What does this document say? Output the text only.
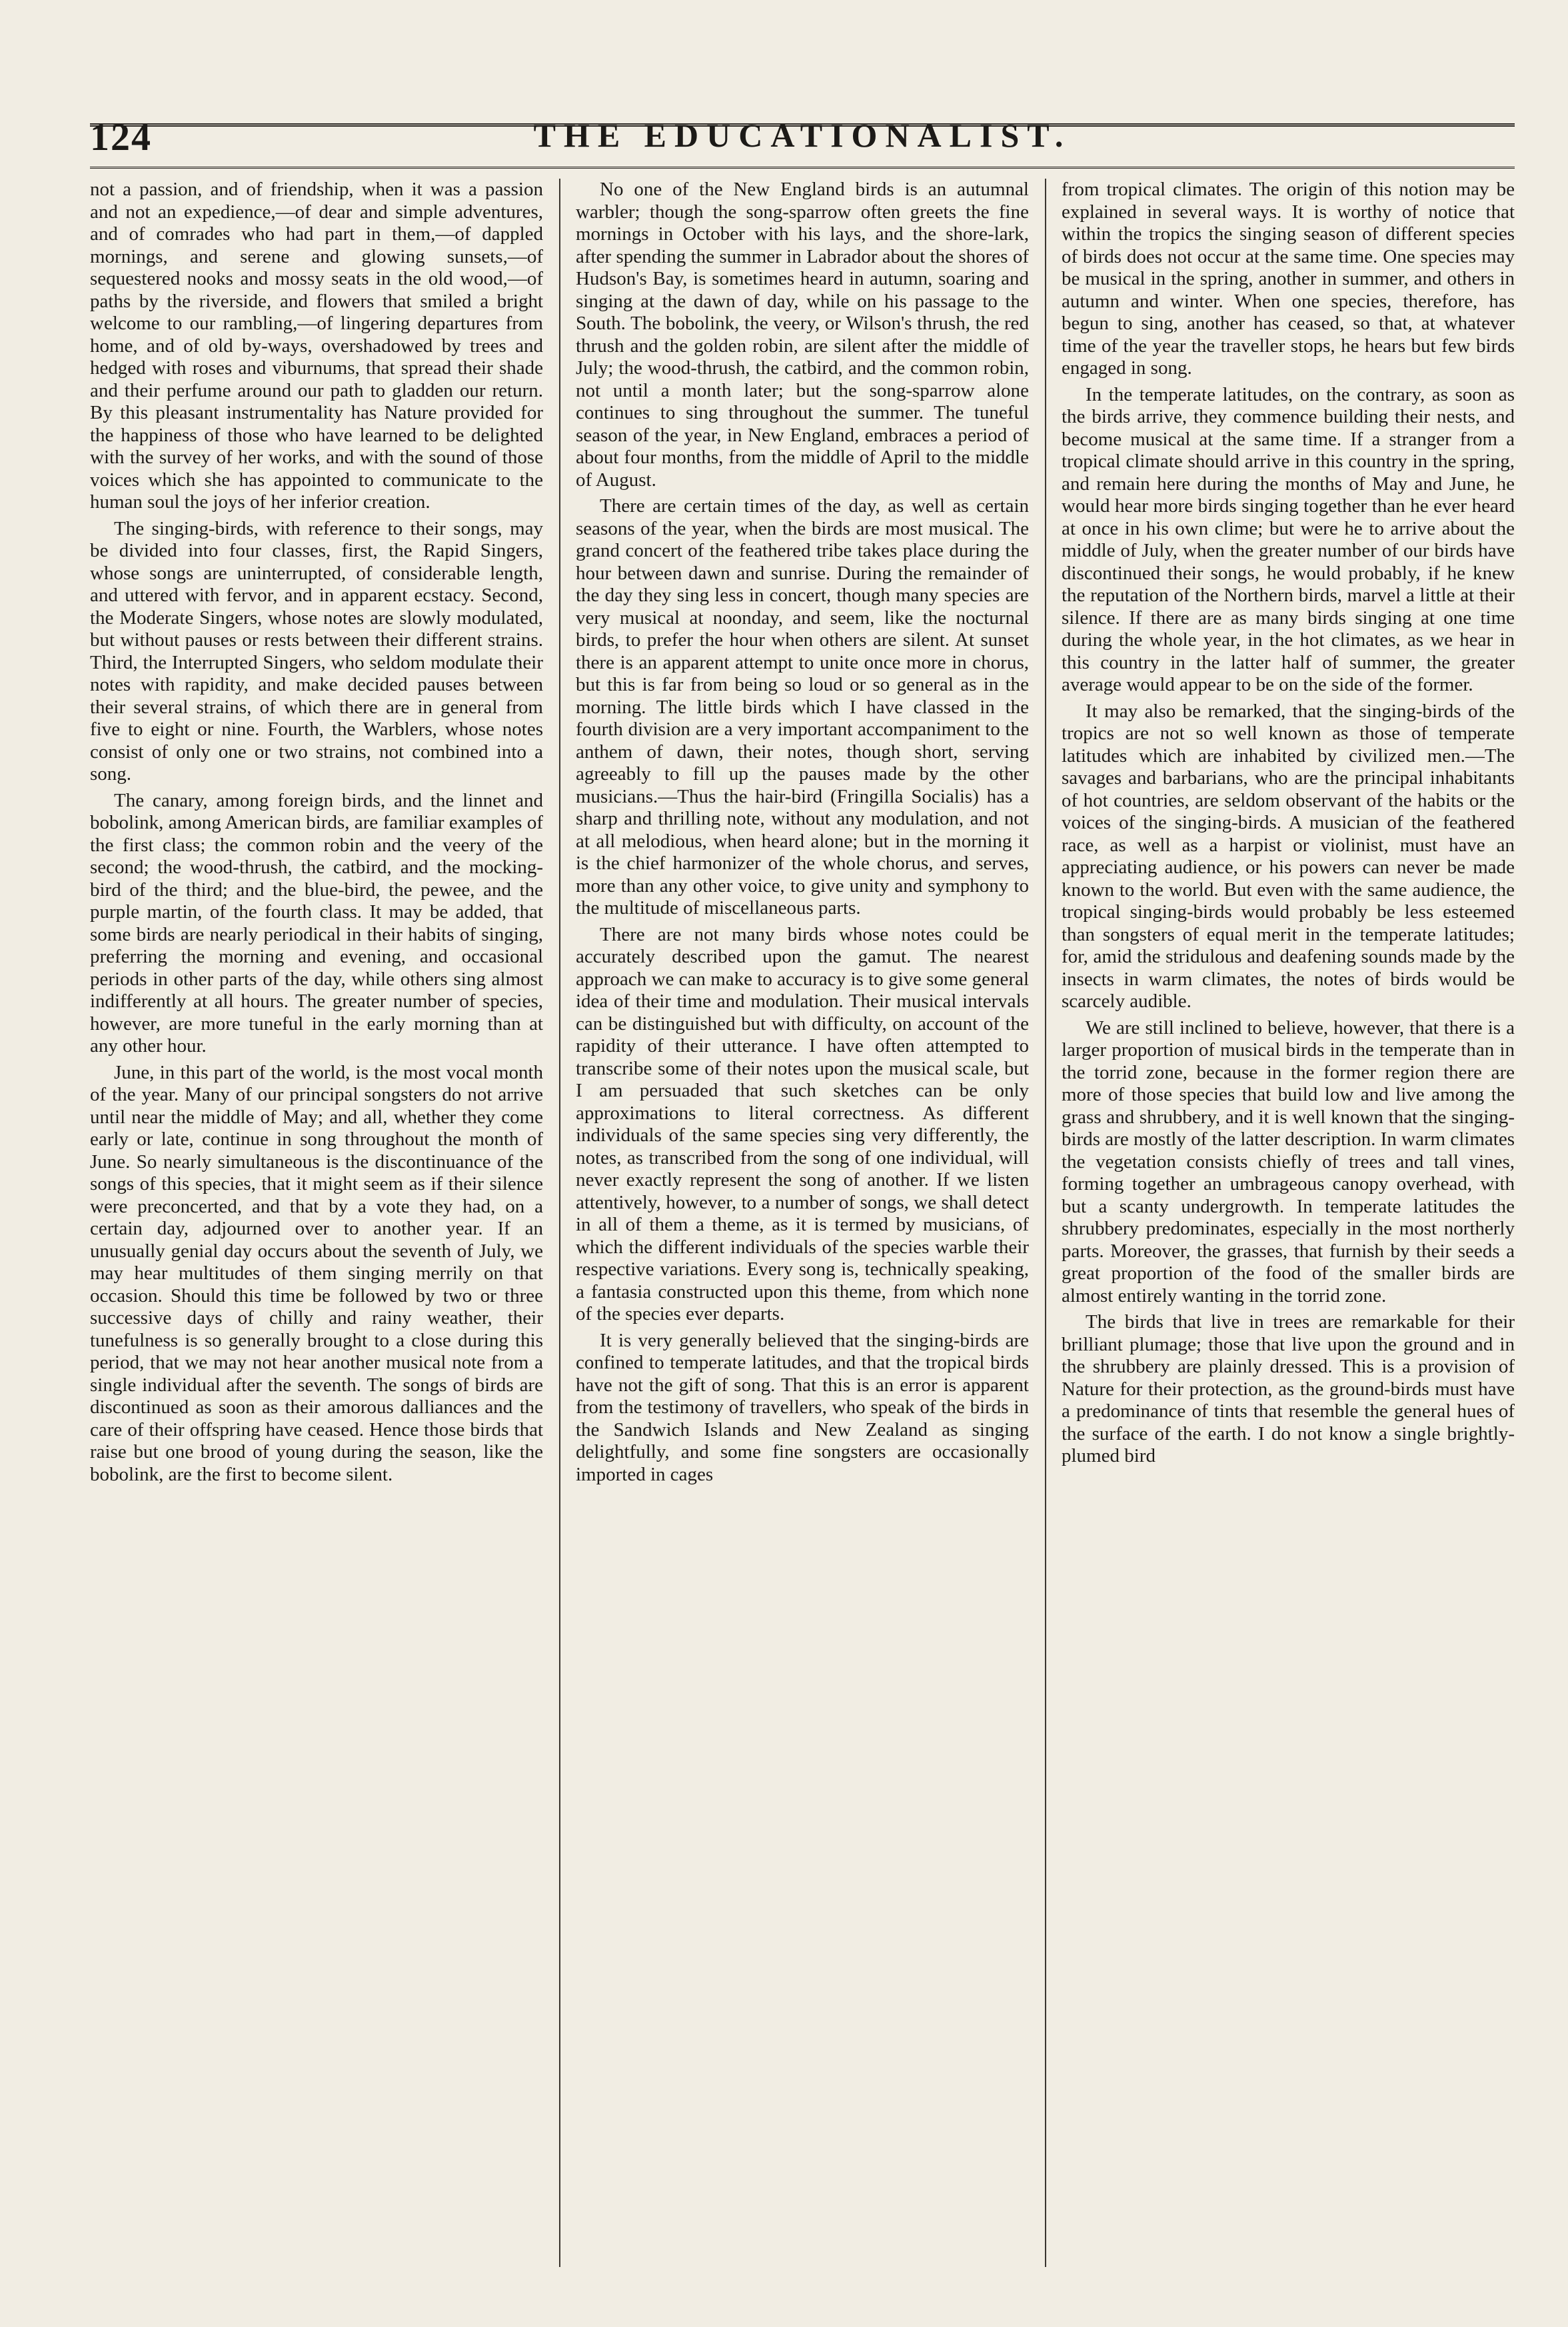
124	THE EDUCATIONALIST.

not a passion, and of friendship, when it was a passion and not an expedience,—of dear and simple adventures, and of comrades who had part in them,—of dappled mornings, and serene and glowing sunsets,—of sequestered nooks and mossy seats in the old wood,—of paths by the riverside, and flowers that smiled a bright welcome to our rambling,—of lingering departures from home, and of old by-ways, overshadowed by trees and hedged with roses and viburnums, that spread their shade and their perfume around our path to gladden our return. By this pleasant instrumentality has Nature provided for the happiness of those who have learned to be delighted with the survey of her works, and with the sound of those voices which she has appointed to communicate to the human soul the joys of her inferior creation.

The singing-birds, with reference to their songs, may be divided into four classes, first, the Rapid Singers, whose songs are uninterrupted, of considerable length, and uttered with fervor, and in apparent ecstacy. Second, the Moderate Singers, whose notes are slowly modulated, but without pauses or rests between their different strains. Third, the Interrupted Singers, who seldom modulate their notes with rapidity, and make decided pauses between their several strains, of which there are in general from five to eight or nine. Fourth, the Warblers, whose notes consist of only one or two strains, not combined into a song.

The canary, among foreign birds, and the linnet and bobolink, among American birds, are familiar examples of the first class; the common robin and the veery of the second; the wood-thrush, the catbird, and the mocking-bird of the third; and the blue-bird, the pewee, and the purple martin, of the fourth class. It may be added, that some birds are nearly periodical in their habits of singing, preferring the morning and evening, and occasional periods in other parts of the day, while others sing almost indifferently at all hours. The greater number of species, however, are more tuneful in the early morning than at any other hour.

June, in this part of the world, is the most vocal month of the year. Many of our principal songsters do not arrive until near the middle of May; and all, whether they come early or late, continue in song throughout the month of June. So nearly simultaneous is the discontinuance of the songs of this species, that it might seem as if their silence were preconcerted, and that by a vote they had, on a certain day, adjourned over to another year. If an unusually genial day occurs about the seventh of July, we may hear multitudes of them singing merrily on that occasion. Should this time be followed by two or three successive days of chilly and rainy weather, their tunefulness is so generally brought to a close during this period, that we may not hear another musical note from a single individual after the seventh. The songs of birds are discontinued as soon as their amorous dalliances and the care of their offspring have ceased. Hence those birds that raise but one brood of young during the season, like the bobolink, are the first to become silent.

No one of the New England birds is an autumnal warbler; though the song-sparrow often greets the fine mornings in October with his lays, and the shore-lark, after spending the summer in Labrador about the shores of Hudson's Bay, is sometimes heard in autumn, soaring and singing at the dawn of day, while on his passage to the South. The bobolink, the veery, or Wilson's thrush, the red thrush and the golden robin, are silent after the middle of July; the wood-thrush, the catbird, and the common robin, not until a month later; but the song-sparrow alone continues to sing throughout the summer. The tuneful season of the year, in New England, embraces a period of about four months, from the middle of April to the middle of August.

There are certain times of the day, as well as certain seasons of the year, when the birds are most musical. The grand concert of the feathered tribe takes place during the hour between dawn and sunrise. During the remainder of the day they sing less in concert, though many species are very musical at noonday, and seem, like the nocturnal birds, to prefer the hour when others are silent. At sunset there is an apparent attempt to unite once more in chorus, but this is far from being so loud or so general as in the morning. The little birds which I have classed in the fourth division are a very important accompaniment to the anthem of dawn, their notes, though short, serving agreeably to fill up the pauses made by the other musicians.—Thus the hair-bird (Fringilla Socialis) has a sharp and thrilling note, without any modulation, and not at all melodious, when heard alone; but in the morning it is the chief harmonizer of the whole chorus, and serves, more than any other voice, to give unity and symphony to the multitude of miscellaneous parts.

There are not many birds whose notes could be accurately described upon the gamut. The nearest approach we can make to accuracy is to give some general idea of their time and modulation. Their musical intervals can be distinguished but with difficulty, on account of the rapidity of their utterance. I have often attempted to transcribe some of their notes upon the musical scale, but I am persuaded that such sketches can be only approximations to literal correctness. As different individuals of the same species sing very differently, the notes, as transcribed from the song of one individual, will never exactly represent the song of another. If we listen attentively, however, to a number of songs, we shall detect in all of them a theme, as it is termed by musicians, of which the different individuals of the species warble their respective variations. Every song is, technically speaking, a fantasia constructed upon this theme, from which none of the species ever departs.

It is very generally believed that the singing-birds are confined to temperate latitudes, and that the tropical birds have not the gift of song. That this is an error is apparent from the testimony of travellers, who speak of the birds in the Sandwich Islands and New Zealand as singing delightfully, and some fine songsters are occasionally imported in cages

from tropical climates. The origin of this notion may be explained in several ways. It is worthy of notice that within the tropics the singing season of different species of birds does not occur at the same time. One species may be musical in the spring, another in summer, and others in autumn and winter. When one species, therefore, has begun to sing, another has ceased, so that, at whatever time of the year the traveller stops, he hears but few birds engaged in song.

In the temperate latitudes, on the contrary, as soon as the birds arrive, they commence building their nests, and become musical at the same time. If a stranger from a tropical climate should arrive in this country in the spring, and remain here during the months of May and June, he would hear more birds singing together than he ever heard at once in his own clime; but were he to arrive about the middle of July, when the greater number of our birds have discontinued their songs, he would probably, if he knew the reputation of the Northern birds, marvel a little at their silence. If there are as many birds singing at one time during the whole year, in the hot climates, as we hear in this country in the latter half of summer, the greater average would appear to be on the side of the former.

It may also be remarked, that the singing-birds of the tropics are not so well known as those of temperate latitudes which are inhabited by civilized men.—The savages and barbarians, who are the principal inhabitants of hot countries, are seldom observant of the habits or the voices of the singing-birds. A musician of the feathered race, as well as a harpist or violinist, must have an appreciating audience, or his powers can never be made known to the world. But even with the same audience, the tropical singing-birds would probably be less esteemed than songsters of equal merit in the temperate latitudes; for, amid the stridulous and deafening sounds made by the insects in warm climates, the notes of birds would be scarcely audible.

We are still inclined to believe, however, that there is a larger proportion of musical birds in the temperate than in the torrid zone, because in the former region there are more of those species that build low and live among the grass and shrubbery, and it is well known that the singing-birds are mostly of the latter description. In warm climates the vegetation consists chiefly of trees and tall vines, forming together an umbrageous canopy overhead, with but a scanty undergrowth. In temperate latitudes the shrubbery predominates, especially in the most northerly parts. Moreover, the grasses, that furnish by their seeds a great proportion of the food of the smaller birds are almost entirely wanting in the torrid zone.

The birds that live in trees are remarkable for their brilliant plumage; those that live upon the ground and in the shrubbery are plainly dressed. This is a provision of Nature for their protection, as the ground-birds must have a predominance of tints that resemble the general hues of the surface of the earth. I do not know a single brightly-plumed bird
